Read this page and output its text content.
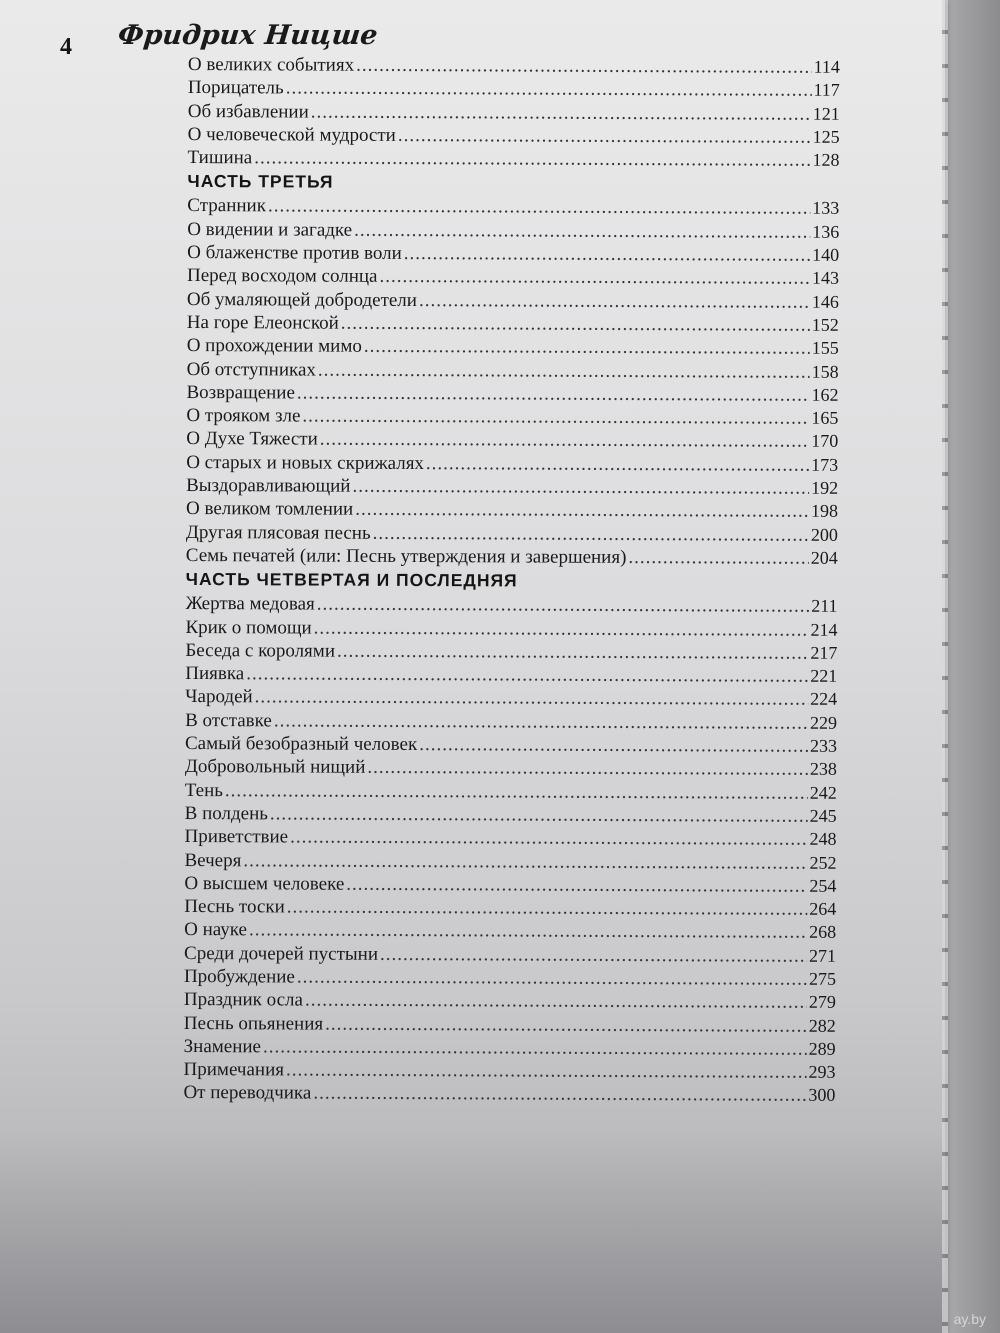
4 Фридрих Ницше
О великих событиях .....	114
Порицатель .....	117
Об избавлении .....	121
О человеческой мудрости .....	125
Тишина .....	128
ЧАСТЬ ТРЕТЬЯ
Странник .....	133
О видении и загадке .....	136
О блаженстве против воли .....	140
Перед восходом солнца .....	143
Об умаляющей добродетели .....	146
На горе Елеонской .....	152
О прохождении мимо .....	155
Об отступниках .....	158
Возвращение .....	162
О трояком зле .....	165
О Духе Тяжести .....	170
О старых и новых скрижалях .....	173
Выздоравливающий .....	192
О великом томлении .....	198
Другая плясовая песнь .....	200
Семь печатей (или: Песнь утверждения и завершения) .....	204
ЧАСТЬ ЧЕТВЕРТАЯ И ПОСЛЕДНЯЯ
Жертва медовая .....	211
Крик о помощи .....	214
Беседа с королями .....	217
Пиявка .....	221
Чародей .....	224
В отставке .....	229
Самый безобразный человек .....	233
Добровольный нищий .....	238
Тень .....	242
В полдень .....	245
Приветствие .....	248
Вечеря .....	252
О высшем человеке .....	254
Песнь тоски .....	264
О науке .....	268
Среди дочерей пустыни .....	271
Пробуждение .....	275
Праздник осла .....	279
Песнь опьянения .....	282
Знамение .....	289
Примечания .....	293
От переводчика .....	300
ay.by
